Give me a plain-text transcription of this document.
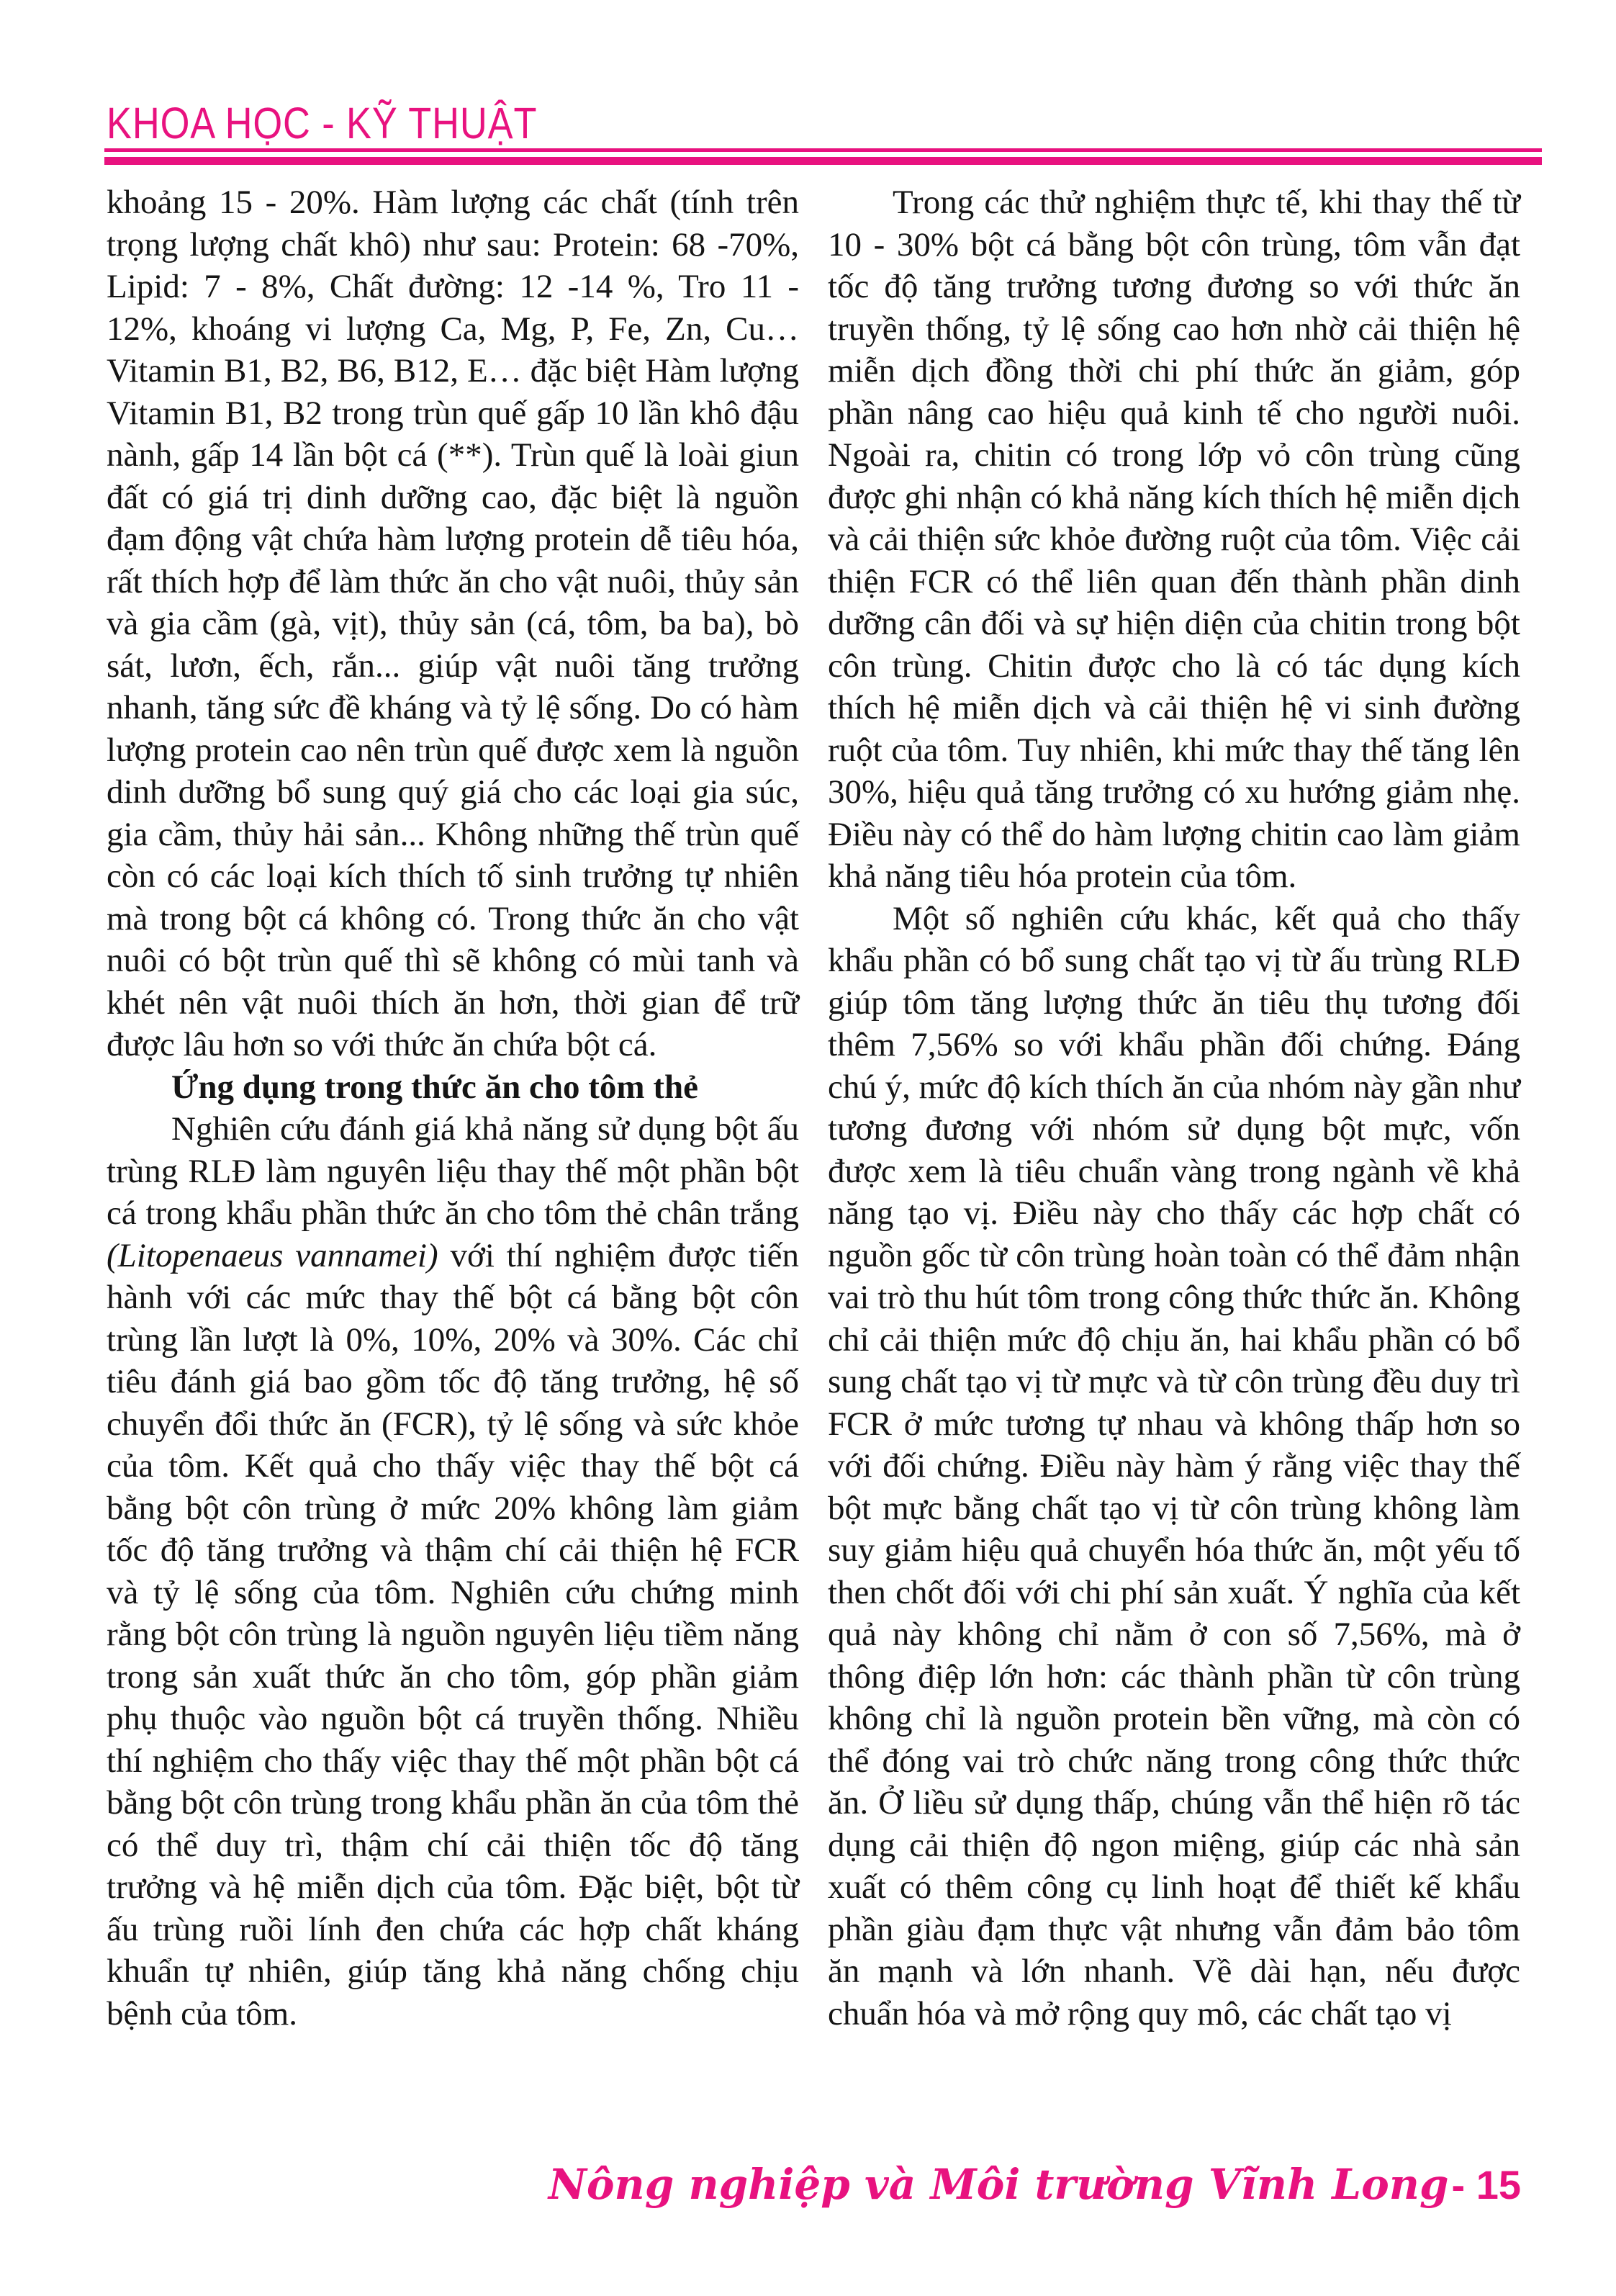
KHOA HỌC - KỸ THUẬT

khoảng 15 - 20%. Hàm lượng các chất (tính trên trọng lượng chất khô) như sau: Protein: 68 -70%, Lipid: 7 - 8%, Chất đường: 12 -14 %, Tro 11 - 12%, khoáng vi lượng Ca, Mg, P, Fe, Zn, Cu… Vitamin B1, B2, B6, B12, E… đặc biệt Hàm lượng Vitamin B1, B2 trong trùn quế gấp 10 lần khô đậu nành, gấp 14 lần bột cá (**). Trùn quế là loài giun đất có giá trị dinh dưỡng cao, đặc biệt là nguồn đạm động vật chứa hàm lượng protein dễ tiêu hóa, rất thích hợp để làm thức ăn cho vật nuôi, thủy sản và gia cầm (gà, vịt), thủy sản (cá, tôm, ba ba), bò sát, lươn, ếch, rắn... giúp vật nuôi tăng trưởng nhanh, tăng sức đề kháng và tỷ lệ sống. Do có hàm lượng protein cao nên trùn quế được xem là nguồn dinh dưỡng bổ sung quý giá cho các loại gia súc, gia cầm, thủy hải sản... Không những thế trùn quế còn có các loại kích thích tố sinh trưởng tự nhiên mà trong bột cá không có. Trong thức ăn cho vật nuôi có bột trùn quế thì sẽ không có mùi tanh và khét nên vật nuôi thích ăn hơn, thời gian để trữ được lâu hơn so với thức ăn chứa bột cá.

Ứng dụng trong thức ăn cho tôm thẻ

Nghiên cứu đánh giá khả năng sử dụng bột ấu trùng RLĐ làm nguyên liệu thay thế một phần bột cá trong khẩu phần thức ăn cho tôm thẻ chân trắng (Litopenaeus vannamei) với thí nghiệm được tiến hành với các mức thay thế bột cá bằng bột côn trùng lần lượt là 0%, 10%, 20% và 30%. Các chỉ tiêu đánh giá bao gồm tốc độ tăng trưởng, hệ số chuyển đổi thức ăn (FCR), tỷ lệ sống và sức khỏe của tôm. Kết quả cho thấy việc thay thế bột cá bằng bột côn trùng ở mức 20% không làm giảm tốc độ tăng trưởng và thậm chí cải thiện hệ FCR và tỷ lệ sống của tôm. Nghiên cứu chứng minh rằng bột côn trùng là nguồn nguyên liệu tiềm năng trong sản xuất thức ăn cho tôm, góp phần giảm phụ thuộc vào nguồn bột cá truyền thống. Nhiều thí nghiệm cho thấy việc thay thế một phần bột cá bằng bột côn trùng trong khẩu phần ăn của tôm thẻ có thể duy trì, thậm chí cải thiện tốc độ tăng trưởng và hệ miễn dịch của tôm. Đặc biệt, bột từ ấu trùng ruồi lính đen chứa các hợp chất kháng khuẩn tự nhiên, giúp tăng khả năng chống chịu bệnh của tôm.

Trong các thử nghiệm thực tế, khi thay thế từ 10 - 30% bột cá bằng bột côn trùng, tôm vẫn đạt tốc độ tăng trưởng tương đương so với thức ăn truyền thống, tỷ lệ sống cao hơn nhờ cải thiện hệ miễn dịch đồng thời chi phí thức ăn giảm, góp phần nâng cao hiệu quả kinh tế cho người nuôi. Ngoài ra, chitin có trong lớp vỏ côn trùng cũng được ghi nhận có khả năng kích thích hệ miễn dịch và cải thiện sức khỏe đường ruột của tôm. Việc cải thiện FCR có thể liên quan đến thành phần dinh dưỡng cân đối và sự hiện diện của chitin trong bột côn trùng. Chitin được cho là có tác dụng kích thích hệ miễn dịch và cải thiện hệ vi sinh đường ruột của tôm. Tuy nhiên, khi mức thay thế tăng lên 30%, hiệu quả tăng trưởng có xu hướng giảm nhẹ. Điều này có thể do hàm lượng chitin cao làm giảm khả năng tiêu hóa protein của tôm.

Một số nghiên cứu khác, kết quả cho thấy khẩu phần có bổ sung chất tạo vị từ ấu trùng RLĐ giúp tôm tăng lượng thức ăn tiêu thụ tương đối thêm 7,56% so với khẩu phần đối chứng. Đáng chú ý, mức độ kích thích ăn của nhóm này gần như tương đương với nhóm sử dụng bột mực, vốn được xem là tiêu chuẩn vàng trong ngành về khả năng tạo vị. Điều này cho thấy các hợp chất có nguồn gốc từ côn trùng hoàn toàn có thể đảm nhận vai trò thu hút tôm trong công thức thức ăn. Không chỉ cải thiện mức độ chịu ăn, hai khẩu phần có bổ sung chất tạo vị từ mực và từ côn trùng đều duy trì FCR ở mức tương tự nhau và không thấp hơn so với đối chứng. Điều này hàm ý rằng việc thay thế bột mực bằng chất tạo vị từ côn trùng không làm suy giảm hiệu quả chuyển hóa thức ăn, một yếu tố then chốt đối với chi phí sản xuất. Ý nghĩa của kết quả này không chỉ nằm ở con số 7,56%, mà ở thông điệp lớn hơn: các thành phần từ côn trùng không chỉ là nguồn protein bền vững, mà còn có thể đóng vai trò chức năng trong công thức thức ăn. Ở liều sử dụng thấp, chúng vẫn thể hiện rõ tác dụng cải thiện độ ngon miệng, giúp các nhà sản xuất có thêm công cụ linh hoạt để thiết kế khẩu phần giàu đạm thực vật nhưng vẫn đảm bảo tôm ăn mạnh và lớn nhanh. Về dài hạn, nếu được chuẩn hóa và mở rộng quy mô, các chất tạo vị

Nông nghiệp và Môi trường Vĩnh Long - 15
